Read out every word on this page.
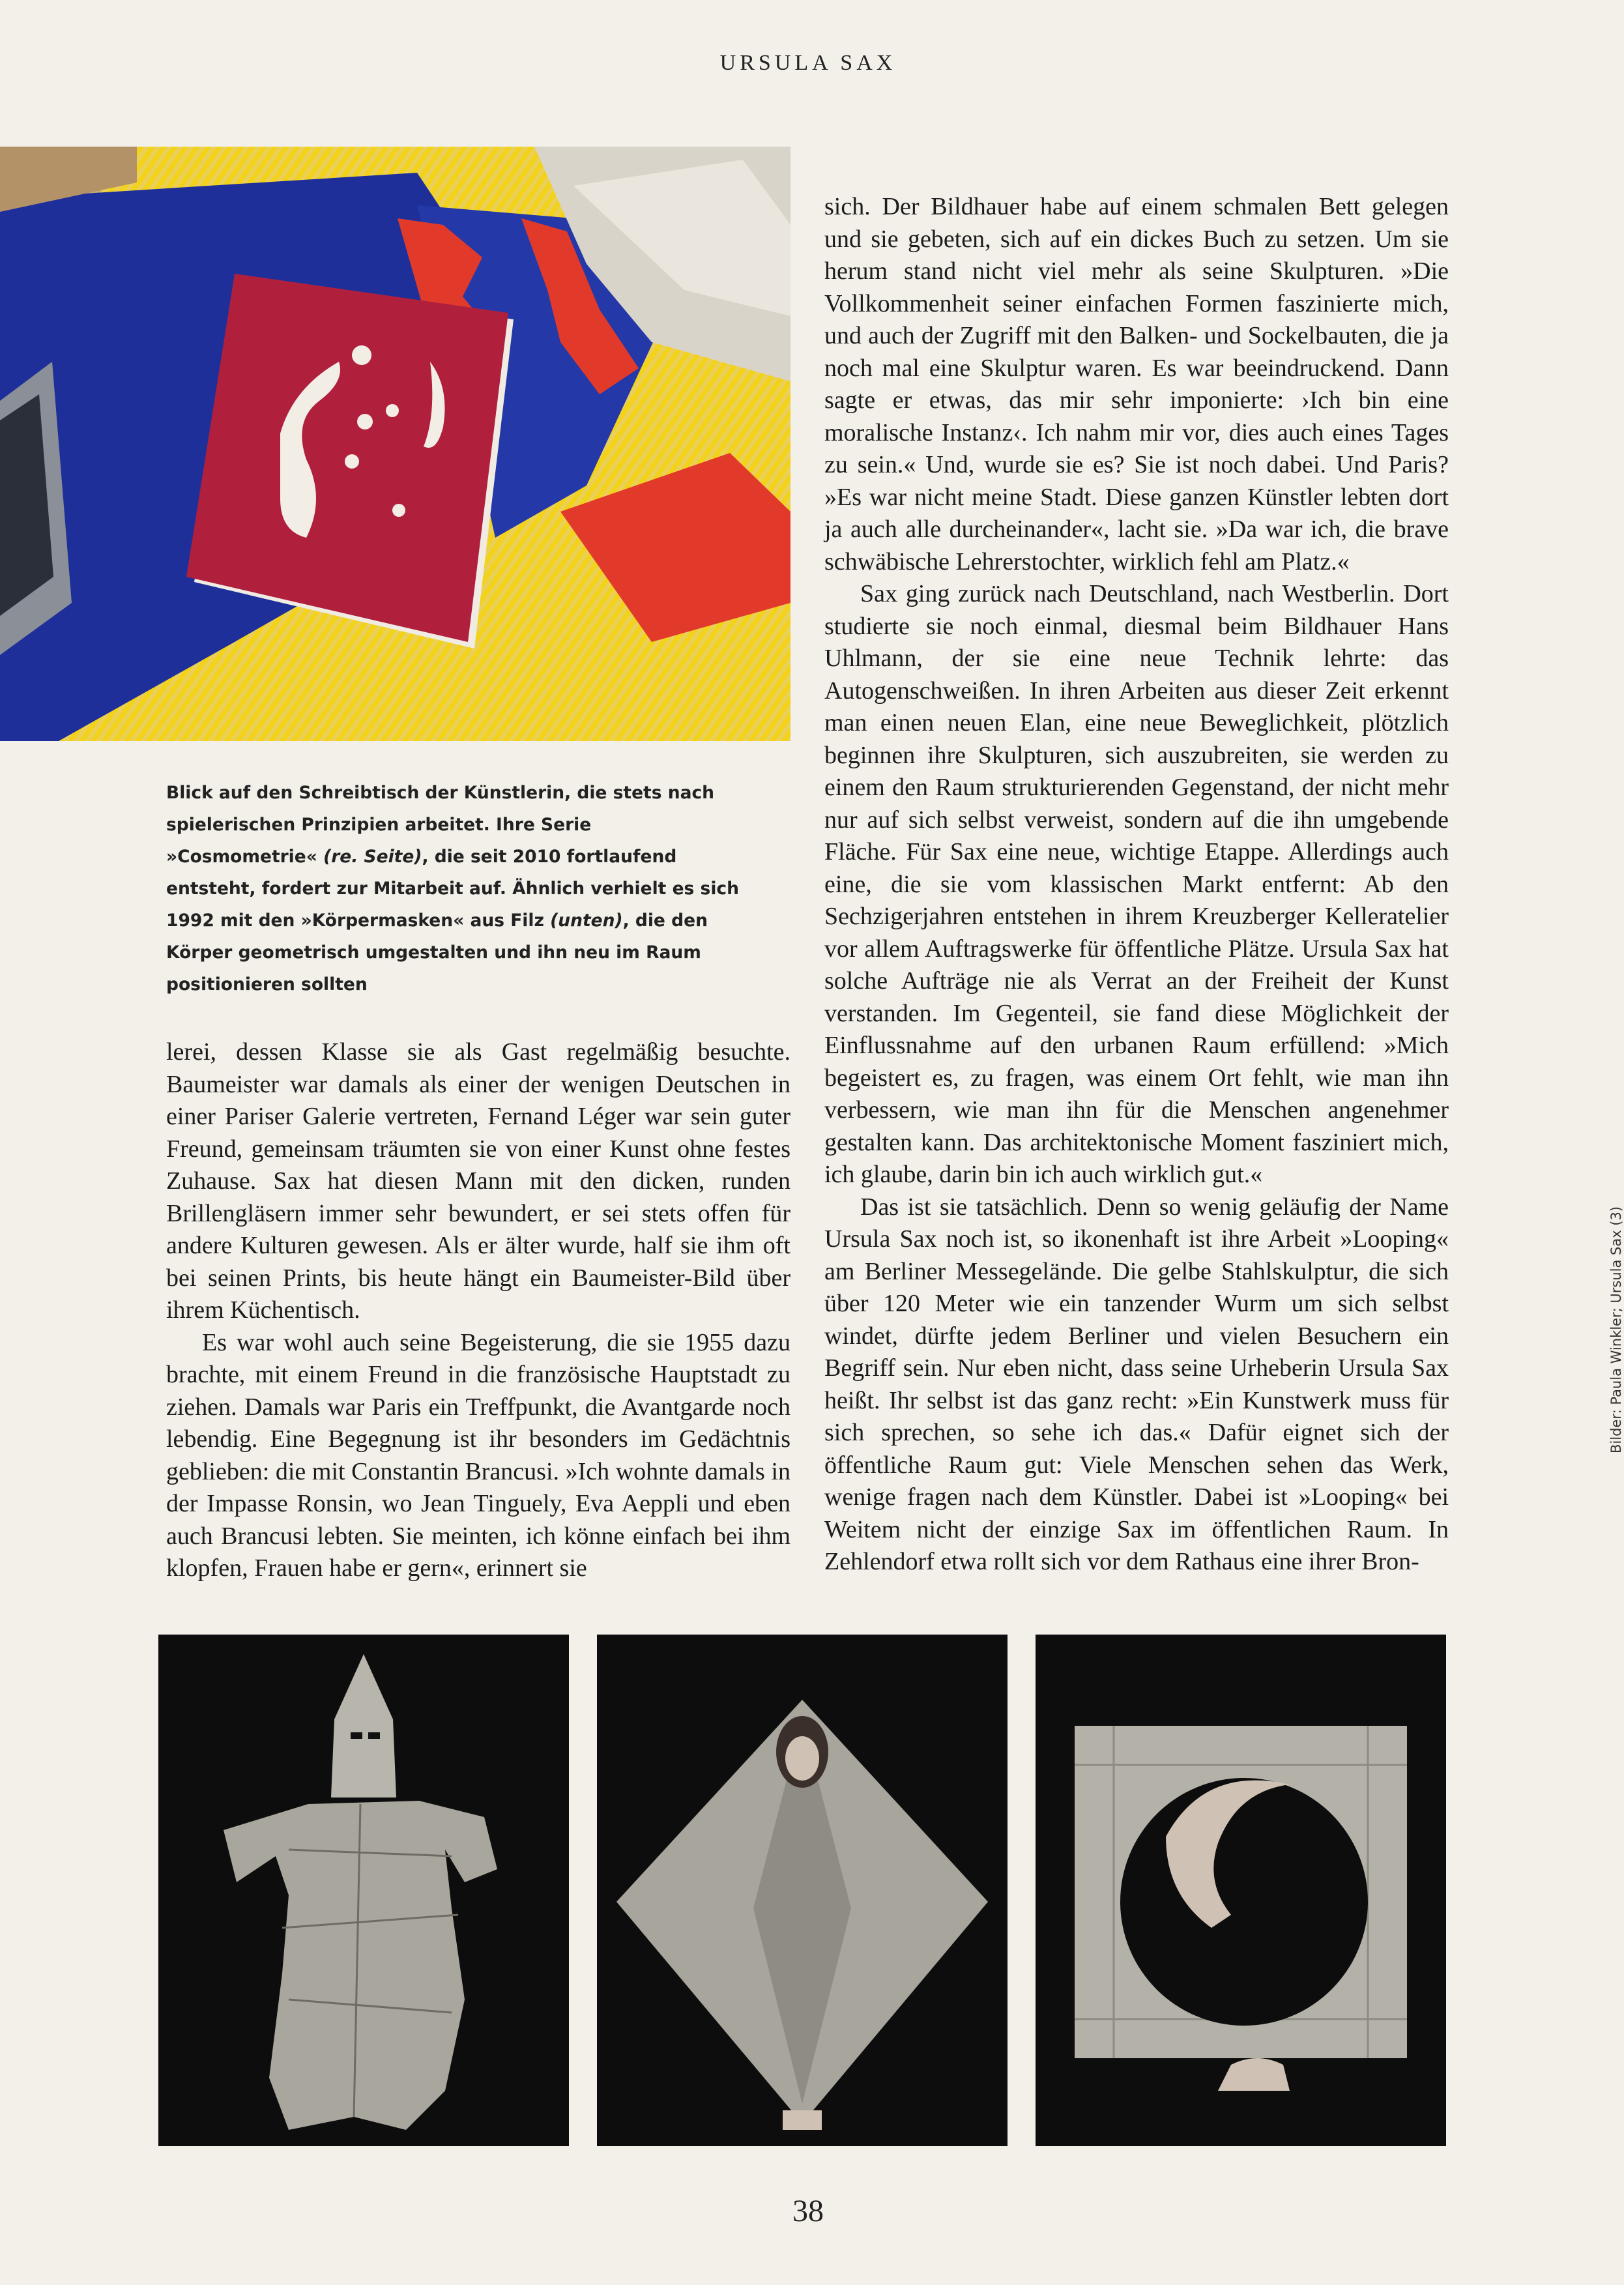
URSULA SAX

Blick auf den Schreibtisch der Künstlerin, die stets nach spielerischen Prinzipien arbeitet. Ihre Serie »Cosmometrie« (re. Seite), die seit 2010 fortlaufend entsteht, fordert zur Mitarbeit auf. Ähnlich verhielt es sich 1992 mit den »Körpermasken« aus Filz (unten), die den Körper geometrisch umgestalten und ihn neu im Raum positionieren sollten

lerei, dessen Klasse sie als Gast regelmäßig besuchte. Baumeister war damals als einer der wenigen Deutschen in einer Pariser Galerie vertreten, Fernand Léger war sein guter Freund, gemeinsam träumten sie von einer Kunst ohne festes Zuhause. Sax hat diesen Mann mit den dicken, runden Brillengläsern immer sehr bewundert, er sei stets offen für andere Kulturen gewesen. Als er älter wurde, half sie ihm oft bei seinen Prints, bis heute hängt ein Baumeister-Bild über ihrem Küchentisch.

Es war wohl auch seine Begeisterung, die sie 1955 dazu brachte, mit einem Freund in die französische Hauptstadt zu ziehen. Damals war Paris ein Treffpunkt, die Avantgarde noch lebendig. Eine Begegnung ist ihr besonders im Gedächtnis geblieben: die mit Constantin Brancusi. »Ich wohnte damals in der Impasse Ronsin, wo Jean Tinguely, Eva Aeppli und eben auch Brancusi lebten. Sie meinten, ich könne einfach bei ihm klopfen, Frauen habe er gern«, erinnert sie

sich. Der Bildhauer habe auf einem schmalen Bett gelegen und sie gebeten, sich auf ein dickes Buch zu setzen. Um sie herum stand nicht viel mehr als seine Skulpturen. »Die Vollkommenheit seiner einfachen Formen faszinierte mich, und auch der Zugriff mit den Balken- und Sockelbauten, die ja noch mal eine Skulptur waren. Es war beeindruckend. Dann sagte er etwas, das mir sehr imponierte: ›Ich bin eine moralische Instanz‹. Ich nahm mir vor, dies auch eines Tages zu sein.« Und, wurde sie es? Sie ist noch dabei. Und Paris? »Es war nicht meine Stadt. Diese ganzen Künstler lebten dort ja auch alle durcheinander«, lacht sie. »Da war ich, die brave schwäbische Lehrerstochter, wirklich fehl am Platz.«

Sax ging zurück nach Deutschland, nach Westberlin. Dort studierte sie noch einmal, diesmal beim Bildhauer Hans Uhlmann, der sie eine neue Technik lehrte: das Autogenschweißen. In ihren Arbeiten aus dieser Zeit erkennt man einen neuen Elan, eine neue Beweglichkeit, plötzlich beginnen ihre Skulpturen, sich auszubreiten, sie werden zu einem den Raum strukturierenden Gegenstand, der nicht mehr nur auf sich selbst verweist, sondern auf die ihn umgebende Fläche. Für Sax eine neue, wichtige Etappe. Allerdings auch eine, die sie vom klassischen Markt entfernt: Ab den Sechzigerjahren entstehen in ihrem Kreuzberger Kelleratelier vor allem Auftragswerke für öffentliche Plätze. Ursula Sax hat solche Aufträge nie als Verrat an der Freiheit der Kunst verstanden. Im Gegenteil, sie fand diese Möglichkeit der Einflussnahme auf den urbanen Raum erfüllend: »Mich begeistert es, zu fragen, was einem Ort fehlt, wie man ihn verbessern, wie man ihn für die Menschen angenehmer gestalten kann. Das architektonische Moment fasziniert mich, ich glaube, darin bin ich auch wirklich gut.«

Das ist sie tatsächlich. Denn so wenig geläufig der Name Ursula Sax noch ist, so ikonenhaft ist ihre Arbeit »Looping« am Berliner Messegelände. Die gelbe Stahlskulptur, die sich über 120 Meter wie ein tanzender Wurm um sich selbst windet, dürfte jedem Berliner und vielen Besuchern ein Begriff sein. Nur eben nicht, dass seine Urheberin Ursula Sax heißt. Ihr selbst ist das ganz recht: »Ein Kunstwerk muss für sich sprechen, so sehe ich das.« Dafür eignet sich der öffentliche Raum gut: Viele Menschen sehen das Werk, wenige fragen nach dem Künstler. Dabei ist »Looping« bei Weitem nicht der einzige Sax im öffentlichen Raum. In Zehlendorf etwa rollt sich vor dem Rathaus eine ihrer Bron-

Bilder: Paula Winkler; Ursula Sax (3)
38
